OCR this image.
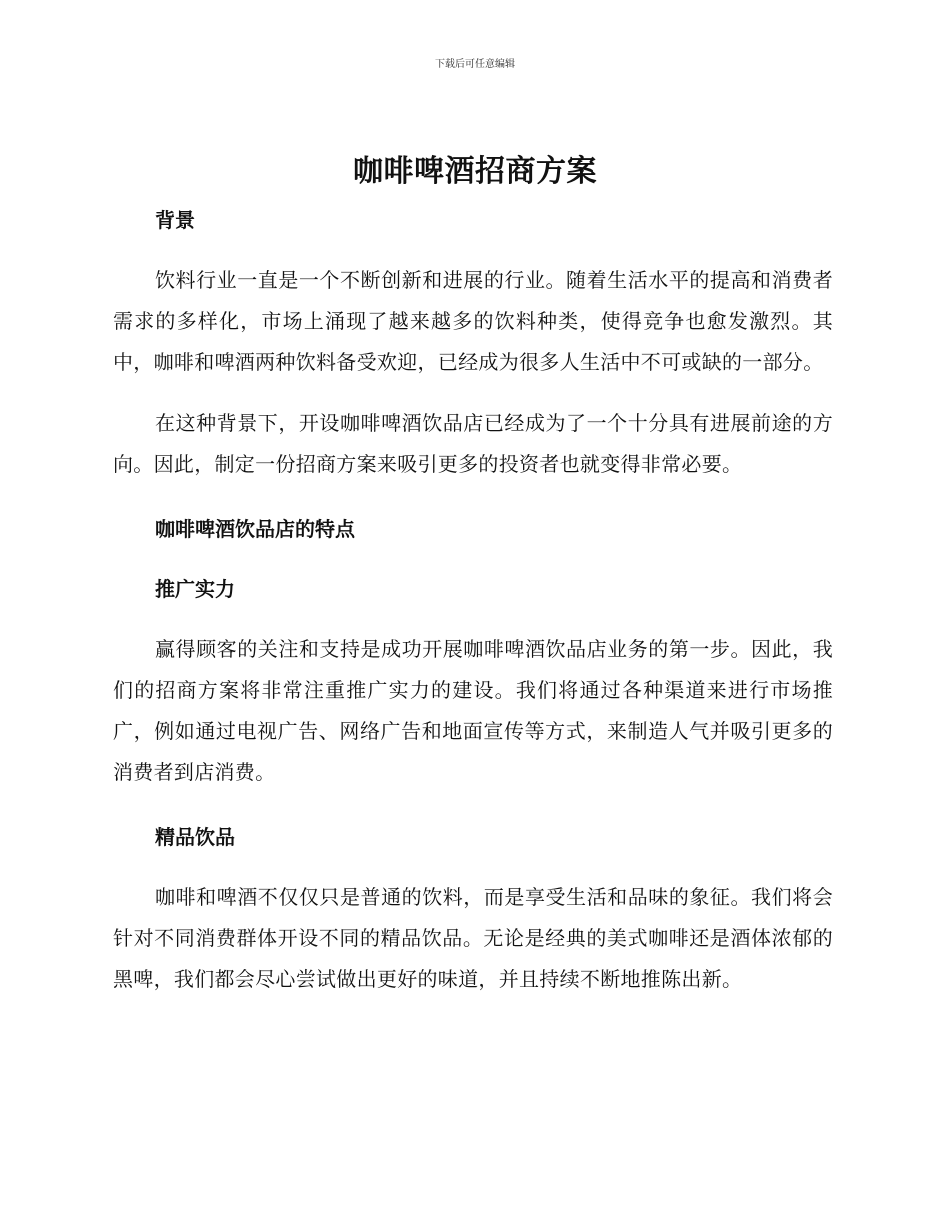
下载后可任意编辑
咖啡啤酒招商方案

背景

饮料行业一直是一个不断创新和进展的行业。随着生活水平的提高和消费者需求的多样化，市场上涌现了越来越多的饮料种类，使得竞争也愈发激烈。其中，咖啡和啤酒两种饮料备受欢迎，已经成为很多人生活中不可或缺的一部分。

在这种背景下，开设咖啡啤酒饮品店已经成为了一个十分具有进展前途的方向。因此，制定一份招商方案来吸引更多的投资者也就变得非常必要。

咖啡啤酒饮品店的特点

推广实力

赢得顾客的关注和支持是成功开展咖啡啤酒饮品店业务的第一步。因此，我们的招商方案将非常注重推广实力的建设。我们将通过各种渠道来进行市场推广，例如通过电视广告、网络广告和地面宣传等方式，来制造人气并吸引更多的消费者到店消费。

精品饮品

咖啡和啤酒不仅仅只是普通的饮料，而是享受生活和品味的象征。我们将会针对不同消费群体开设不同的精品饮品。无论是经典的美式咖啡还是酒体浓郁的黑啤，我们都会尽心尝试做出更好的味道，并且持续不断地推陈出新。
